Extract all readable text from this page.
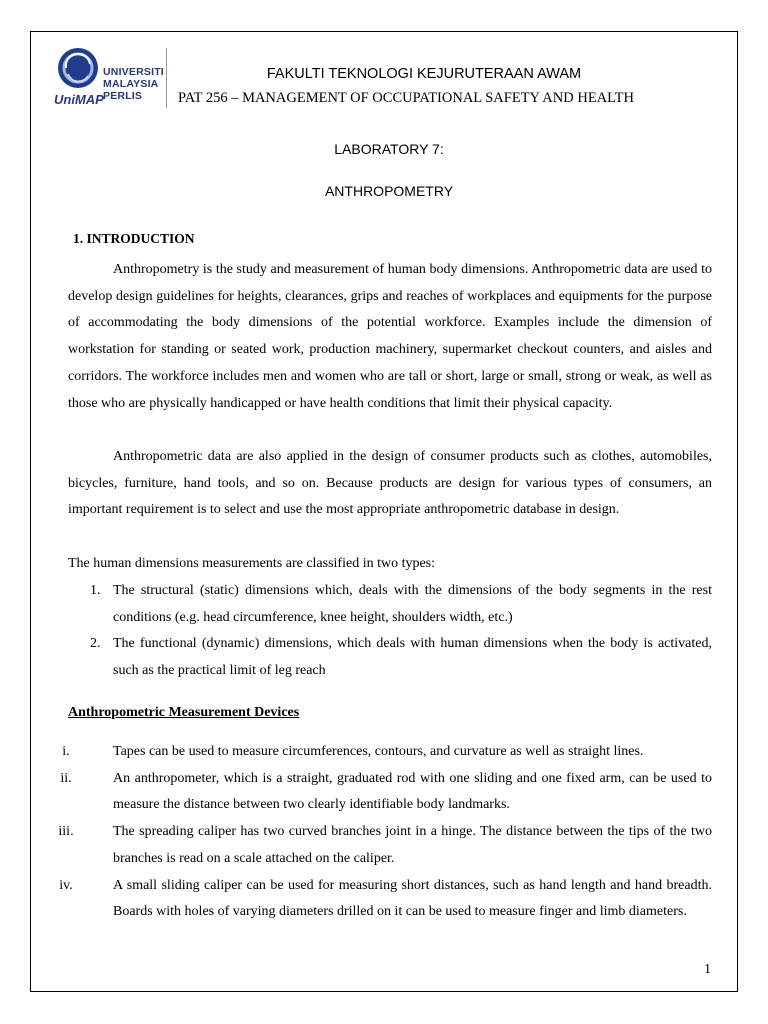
UniMAP
UNIVERSITI
MALAYSIA
PERLIS
FAKULTI TEKNOLOGI KEJURUTERAAN AWAM
PAT 256 – MANAGEMENT OF OCCUPATIONAL SAFETY AND HEALTH
LABORATORY 7:
ANTHROPOMETRY
1. INTRODUCTION
Anthropometry is the study and measurement of human body dimensions. Anthropometric data are used to develop design guidelines for heights, clearances, grips and reaches of workplaces and equipments for the purpose of accommodating the body dimensions of the potential workforce. Examples include the dimension of workstation for standing or seated work, production machinery, supermarket checkout counters, and aisles and corridors. The workforce includes men and women who are tall or short, large or small, strong or weak, as well as those who are physically handicapped or have health conditions that limit their physical capacity.
Anthropometric data are also applied in the design of consumer products such as clothes, automobiles, bicycles, furniture, hand tools, and so on. Because products are design for various types of consumers, an important requirement is to select and use the most appropriate anthropometric database in design.
The human dimensions measurements are classified in two types:
1. The structural (static) dimensions which, deals with the dimensions of the body segments in the rest conditions (e.g. head circumference, knee height, shoulders width, etc.)
2. The functional (dynamic) dimensions, which deals with human dimensions when the body is activated, such as the practical limit of leg reach
Anthropometric Measurement Devices
i.	Tapes can be used to measure circumferences, contours, and curvature as well as straight lines.
ii.	An anthropometer, which is a straight, graduated rod with one sliding and one fixed arm, can be used to measure the distance between two clearly identifiable body landmarks.
iii.	The spreading caliper has two curved branches joint in a hinge. The distance between the tips of the two branches is read on a scale attached on the caliper.
iv.	A small sliding caliper can be used for measuring short distances, such as hand length and hand breadth. Boards with holes of varying diameters drilled on it can be used to measure finger and limb diameters.
1
